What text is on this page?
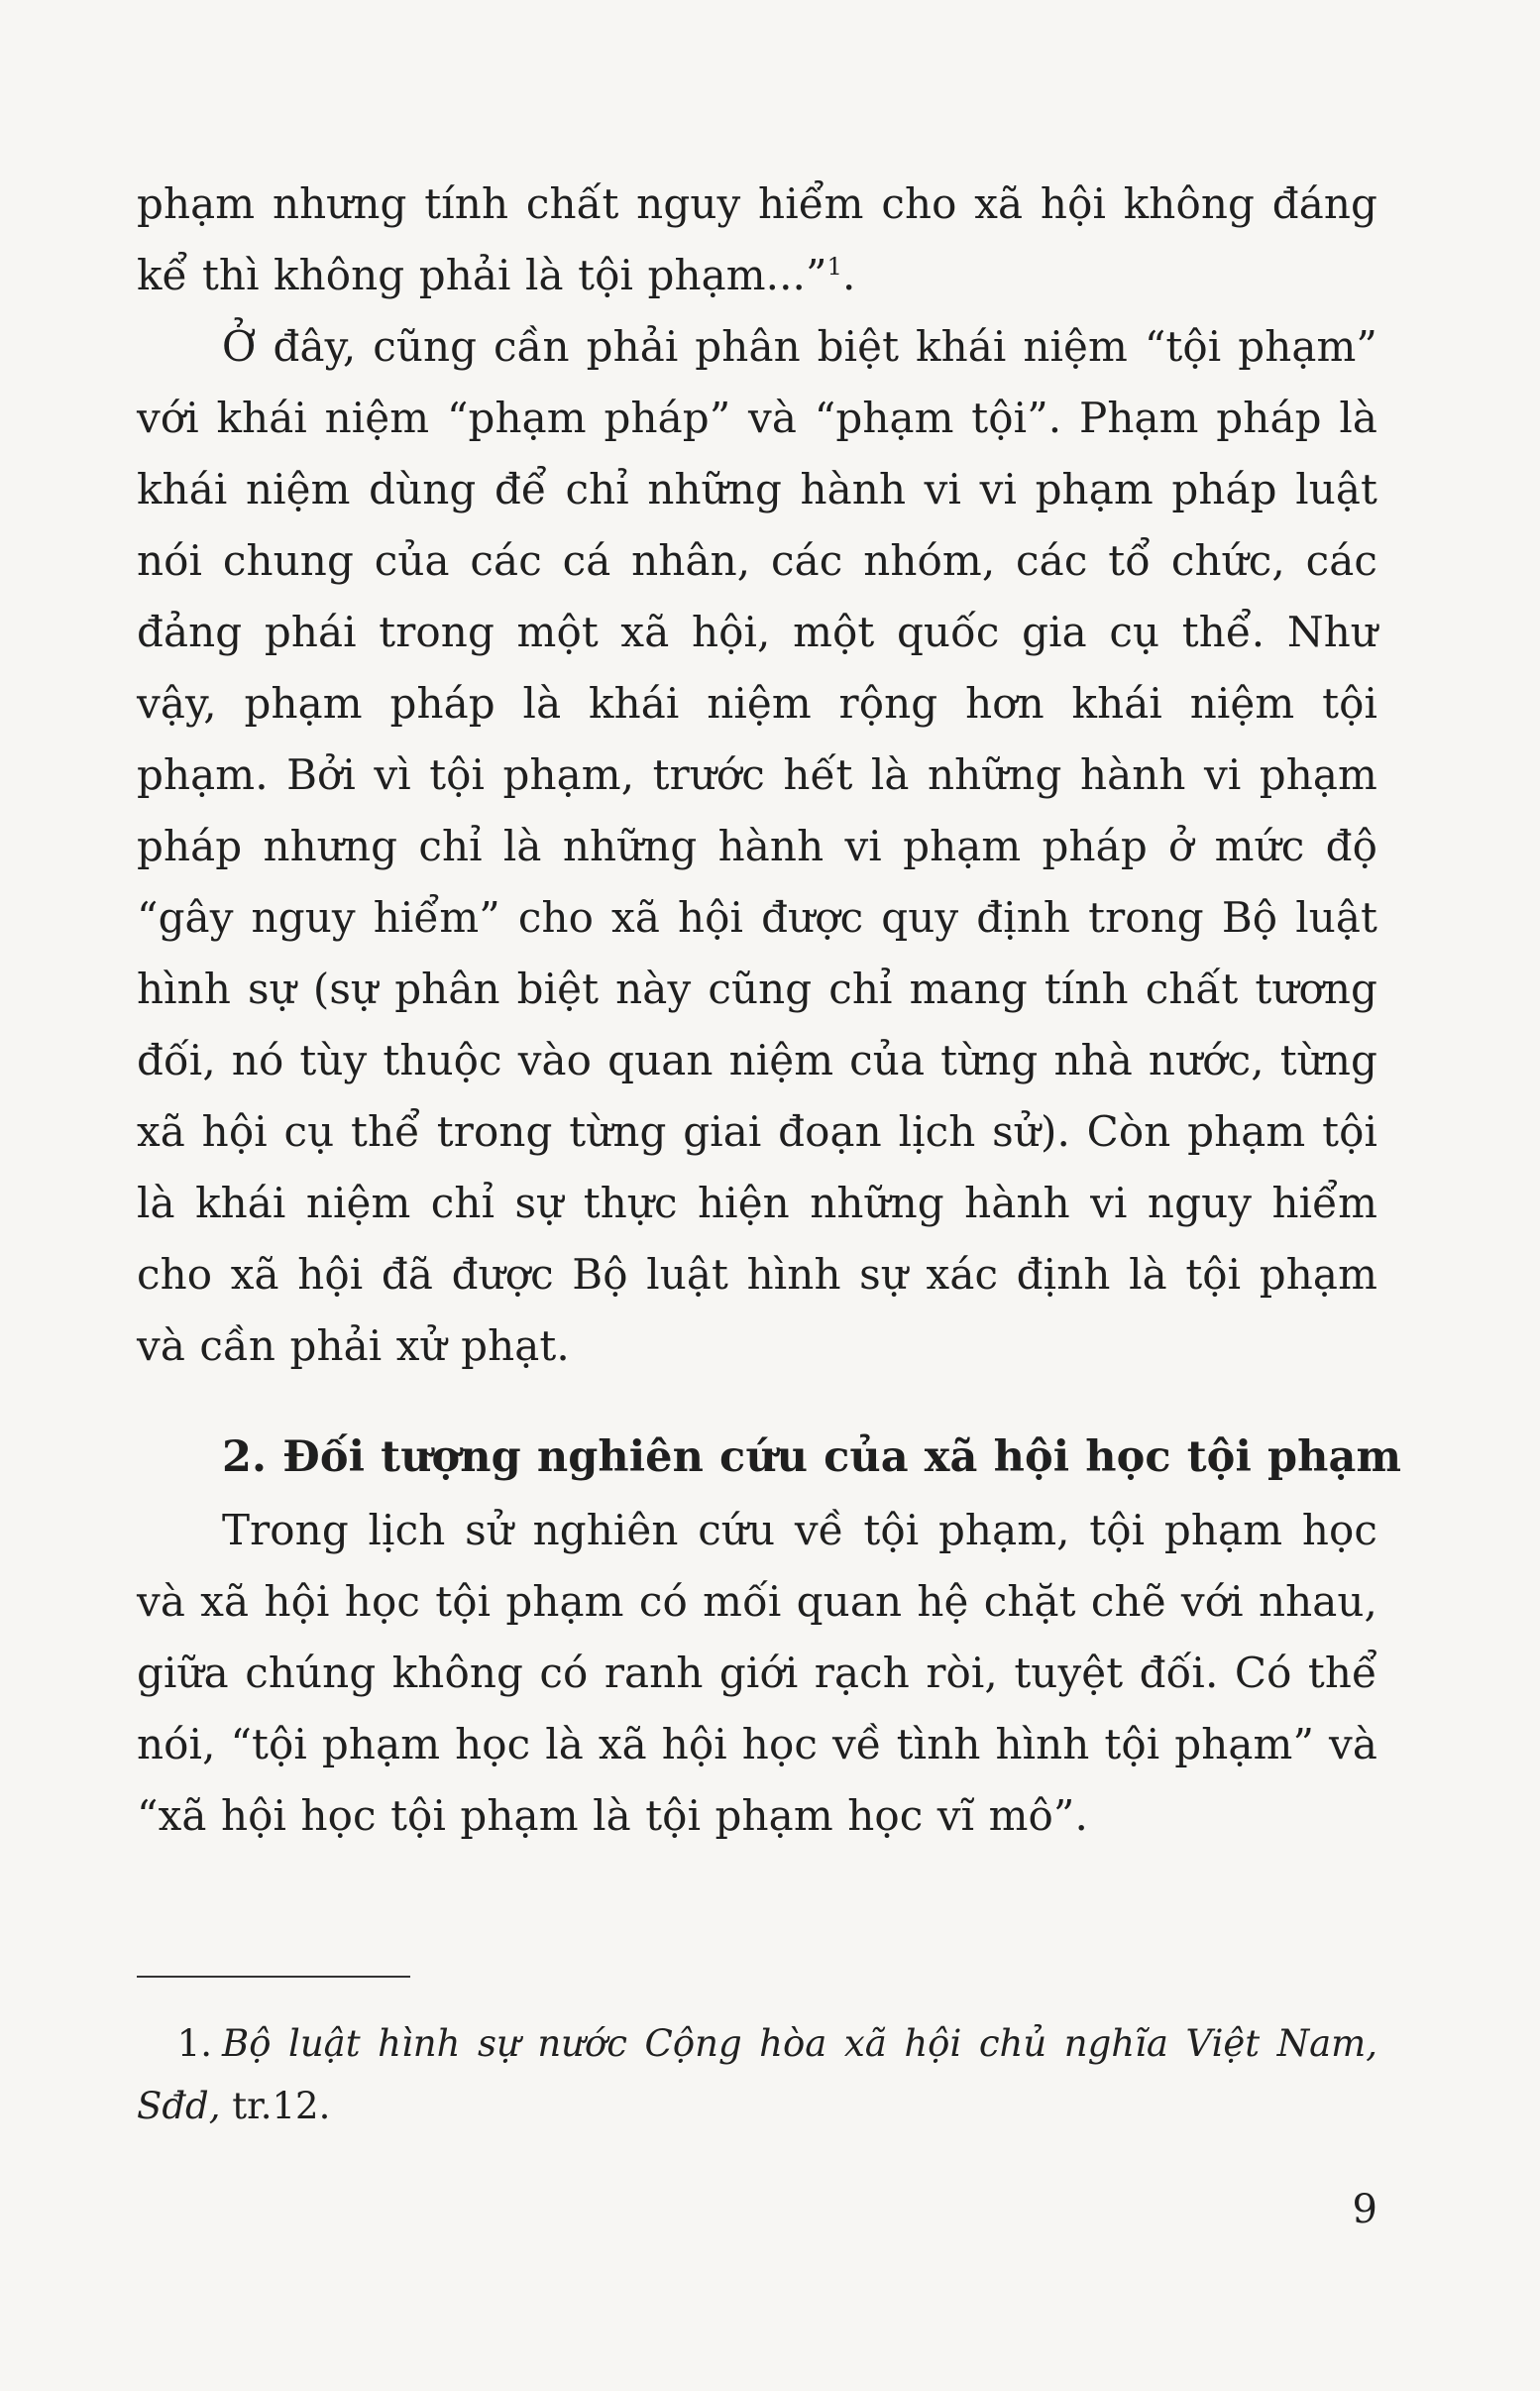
phạm nhưng tính chất nguy hiểm cho xã hội không đáng kể thì không phải là tội phạm...”$^1$.

Ở đây, cũng cần phải phân biệt khái niệm “tội phạm” với khái niệm “phạm pháp” và “phạm tội”. Phạm pháp là khái niệm dùng để chỉ những hành vi vi phạm pháp luật nói chung của các cá nhân, các nhóm, các tổ chức, các đảng phái trong một xã hội, một quốc gia cụ thể. Như vậy, phạm pháp là khái niệm rộng hơn khái niệm tội phạm. Bởi vì tội phạm, trước hết là những hành vi phạm pháp nhưng chỉ là những hành vi phạm pháp ở mức độ “gây nguy hiểm” cho xã hội được quy định trong Bộ luật hình sự (sự phân biệt này cũng chỉ mang tính chất tương đối, nó tùy thuộc vào quan niệm của từng nhà nước, từng xã hội cụ thể trong từng giai đoạn lịch sử). Còn phạm tội là khái niệm chỉ sự thực hiện những hành vi nguy hiểm cho xã hội đã được Bộ luật hình sự xác định là tội phạm và cần phải xử phạt.

2. Đối tượng nghiên cứu của xã hội học tội phạm

Trong lịch sử nghiên cứu về tội phạm, tội phạm học và xã hội học tội phạm có mối quan hệ chặt chẽ với nhau, giữa chúng không có ranh giới rạch ròi, tuyệt đối. Có thể nói, “tội phạm học là xã hội học về tình hình tội phạm” và “xã hội học tội phạm là tội phạm học vĩ mô”.

1. Bộ luật hình sự nước Cộng hòa xã hội chủ nghĩa Việt Nam, Sđd, tr.12.
9
